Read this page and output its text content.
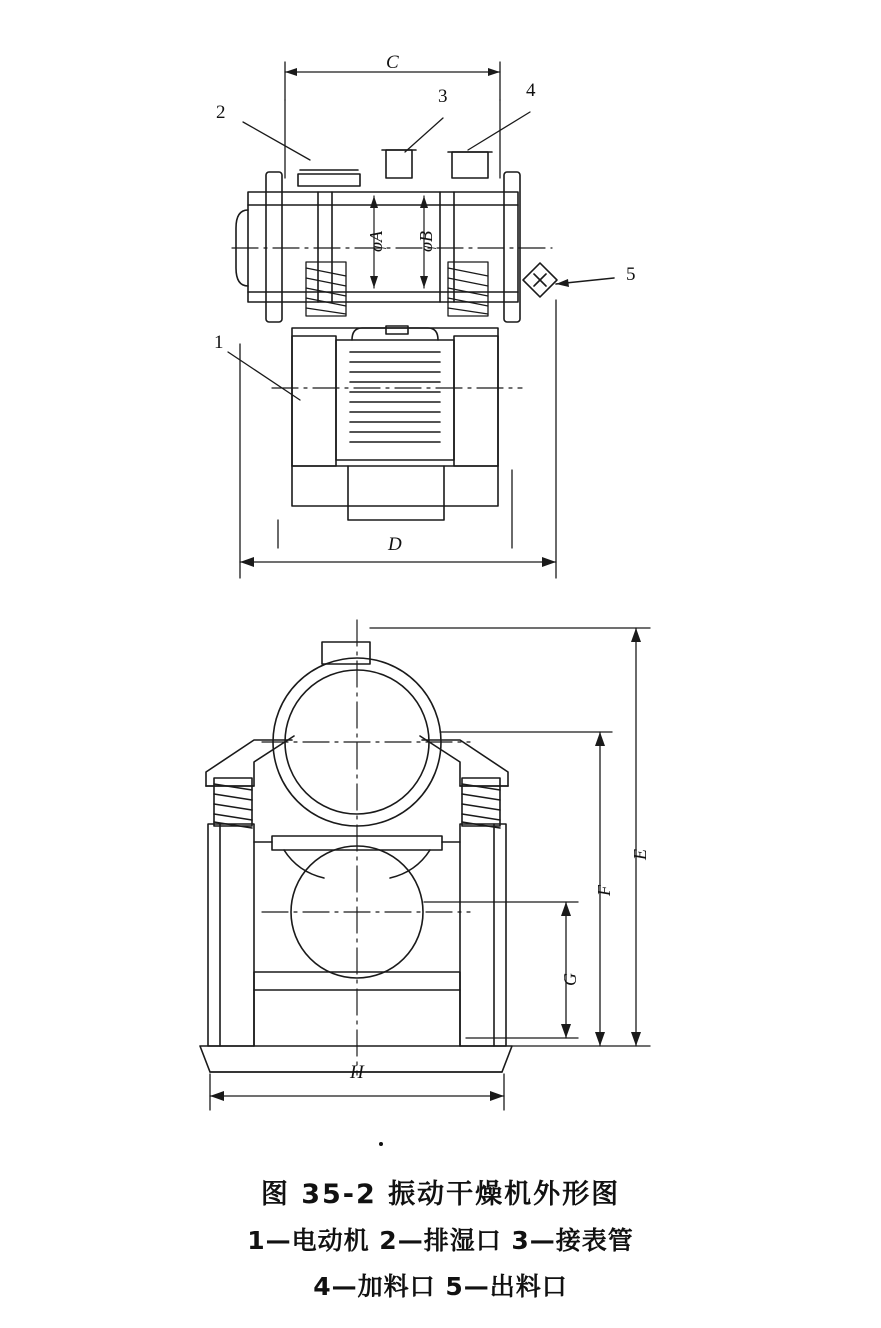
C
D
φA φB
1
2
3	4
5
E
F
G
H
图 35-2 振动干燥机外形图
1—电动机 2—排湿口 3—接表管
4—加料口 5—出料口
